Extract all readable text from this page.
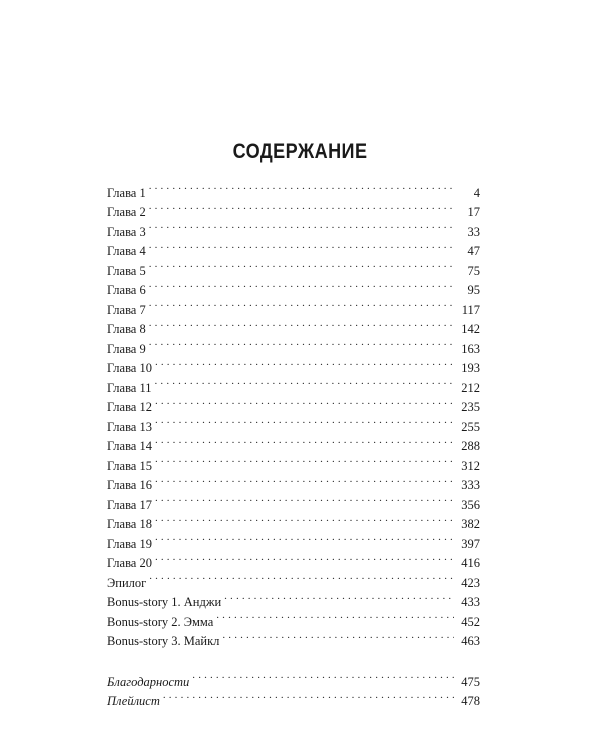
СОДЕРЖАНИЕ
Глава 1 . . .	4
Глава 2 . . .	17
Глава 3 . . .	33
Глава 4 . . .	47
Глава 5 . . .	75
Глава 6 . . .	95
Глава 7 . . .	117
Глава 8 . . .	142
Глава 9 . . .	163
Глава 10 . . .	193
Глава 11 . . .	212
Глава 12 . . .	235
Глава 13 . . .	255
Глава 14 . . .	288
Глава 15 . . .	312
Глава 16 . . .	333
Глава 17 . . .	356
Глава 18 . . .	382
Глава 19 . . .	397
Глава 20 . . .	416
Эпилог . . .	423
Bonus-story 1. Анджи . . .	433
Bonus-story 2. Эмма . . .	452
Bonus-story 3. Майкл . . .	463
Благодарности . . .	475
Плейлист . . .	478
